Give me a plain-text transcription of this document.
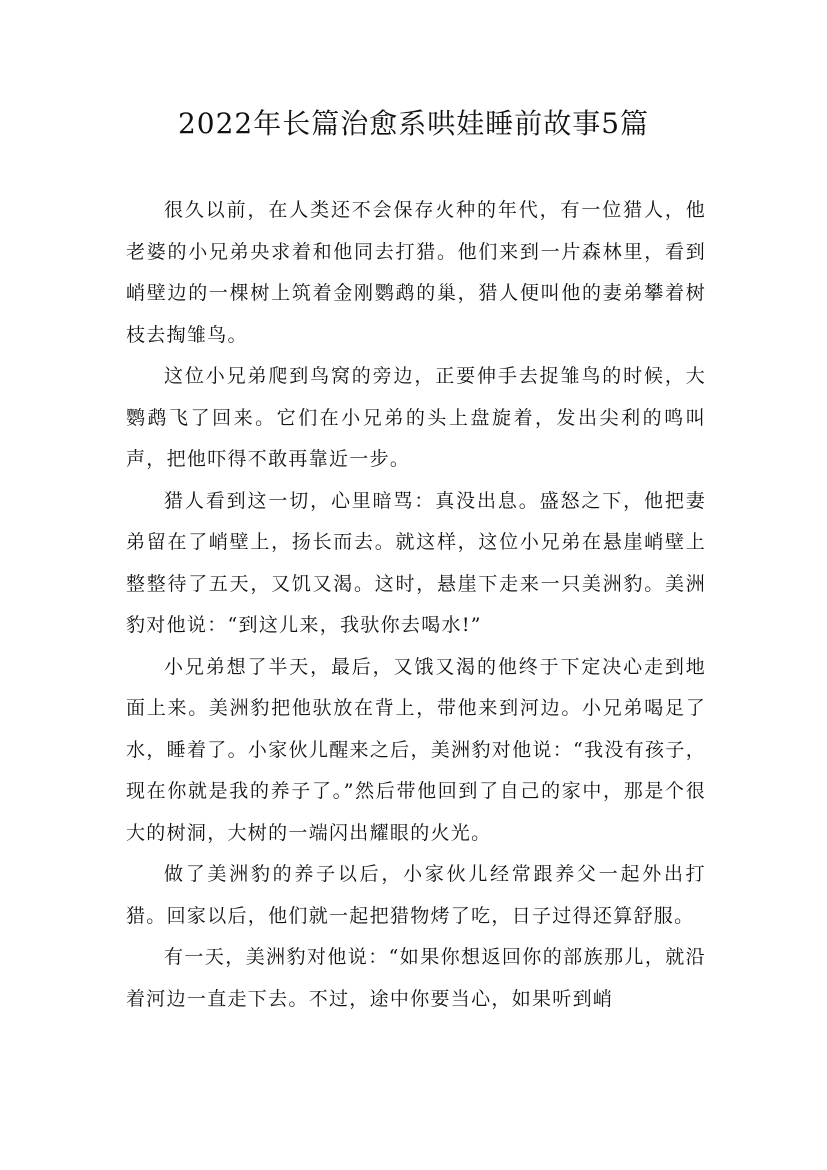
2022年长篇治愈系哄娃睡前故事5篇

很久以前，在人类还不会保存火种的年代，有一位猎人，他老婆的小兄弟央求着和他同去打猎。他们来到一片森林里，看到峭壁边的一棵树上筑着金刚鹦鹉的巢，猎人便叫他的妻弟攀着树枝去掏雏鸟。

这位小兄弟爬到鸟窝的旁边，正要伸手去捉雏鸟的时候，大鹦鹉飞了回来。它们在小兄弟的头上盘旋着，发出尖利的鸣叫声，把他吓得不敢再靠近一步。

猎人看到这一切，心里暗骂：真没出息。盛怒之下，他把妻弟留在了峭壁上，扬长而去。就这样，这位小兄弟在悬崖峭壁上整整待了五天，又饥又渴。这时，悬崖下走来一只美洲豹。美洲豹对他说：“到这儿来，我驮你去喝水!”

小兄弟想了半天，最后，又饿又渴的他终于下定决心走到地面上来。美洲豹把他驮放在背上，带他来到河边。小兄弟喝足了水，睡着了。小家伙儿醒来之后，美洲豹对他说：“我没有孩子，现在你就是我的养子了。”然后带他回到了自己的家中，那是个很大的树洞，大树的一端闪出耀眼的火光。

做了美洲豹的养子以后，小家伙儿经常跟养父一起外出打猎。回家以后，他们就一起把猎物烤了吃，日子过得还算舒服。

有一天，美洲豹对他说：“如果你想返回你的部族那儿，就沿着河边一直走下去。不过，途中你要当心，如果听到峭
